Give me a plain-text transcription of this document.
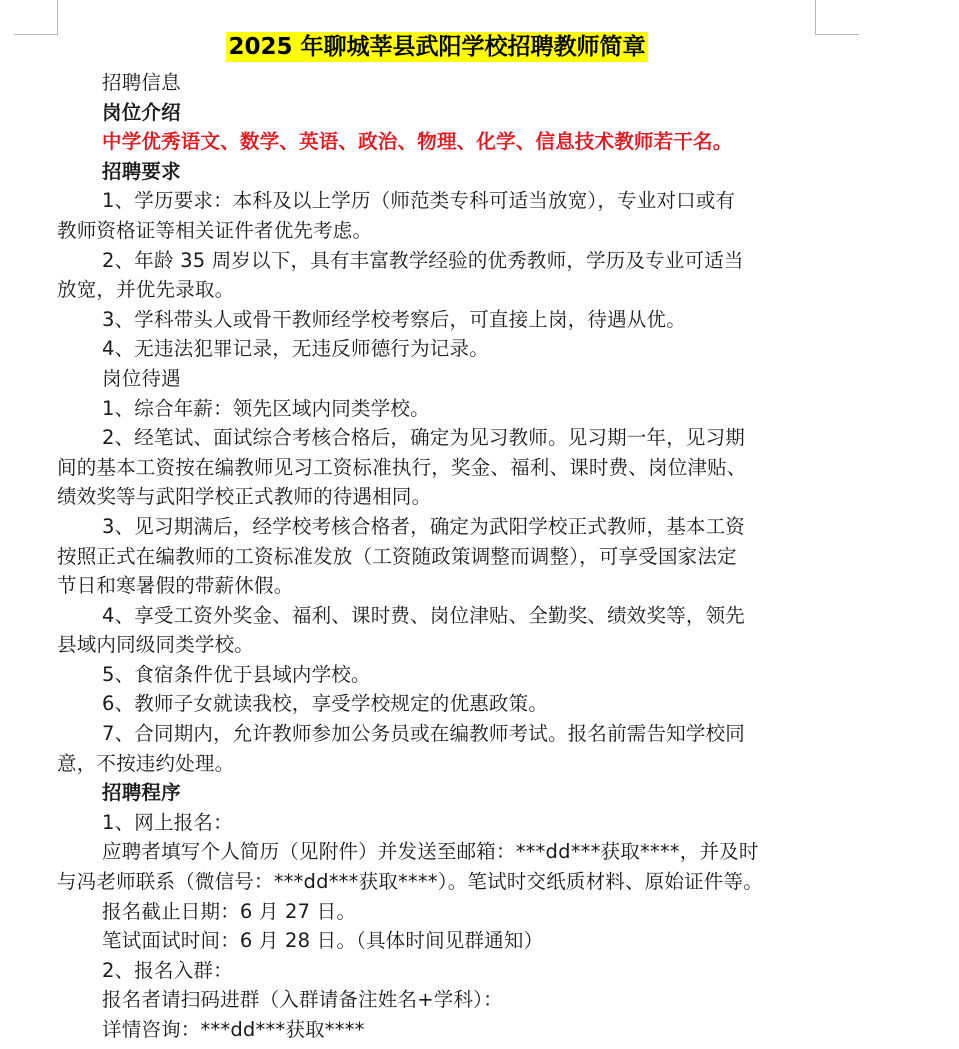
2025 年聊城莘县武阳学校招聘教师简章
招聘信息
岗位介绍
中学优秀语文、数学、英语、政治、物理、化学、信息技术教师若干名。
招聘要求
1、学历要求：本科及以上学历（师范类专科可适当放宽），专业对口或有
教师资格证等相关证件者优先考虑。
2、年龄 35 周岁以下，具有丰富教学经验的优秀教师，学历及专业可适当
放宽，并优先录取。
3、学科带头人或骨干教师经学校考察后，可直接上岗，待遇从优。
4、无违法犯罪记录，无违反师德行为记录。
岗位待遇
1、综合年薪：领先区域内同类学校。
2、经笔试、面试综合考核合格后，确定为见习教师。见习期一年，见习期
间的基本工资按在编教师见习工资标准执行，奖金、福利、课时费、岗位津贴、
绩效奖等与武阳学校正式教师的待遇相同。
3、见习期满后，经学校考核合格者，确定为武阳学校正式教师，基本工资
按照正式在编教师的工资标准发放（工资随政策调整而调整），可享受国家法定
节日和寒暑假的带薪休假。
4、享受工资外奖金、福利、课时费、岗位津贴、全勤奖、绩效奖等，领先
县域内同级同类学校。
5、食宿条件优于县域内学校。
6、教师子女就读我校，享受学校规定的优惠政策。
7、合同期内，允许教师参加公务员或在编教师考试。报名前需告知学校同
意，不按违约处理。
招聘程序
1、网上报名：
应聘者填写个人简历（见附件）并发送至邮箱：***dd***获取****，并及时
与冯老师联系（微信号：***dd***获取****）。笔试时交纸质材料、原始证件等。
报名截止日期：6 月 27 日。
笔试面试时间：6 月 28 日。（具体时间见群通知）
2、报名入群：
报名者请扫码进群（入群请备注姓名+学科）：
详情咨询：***dd***获取****
